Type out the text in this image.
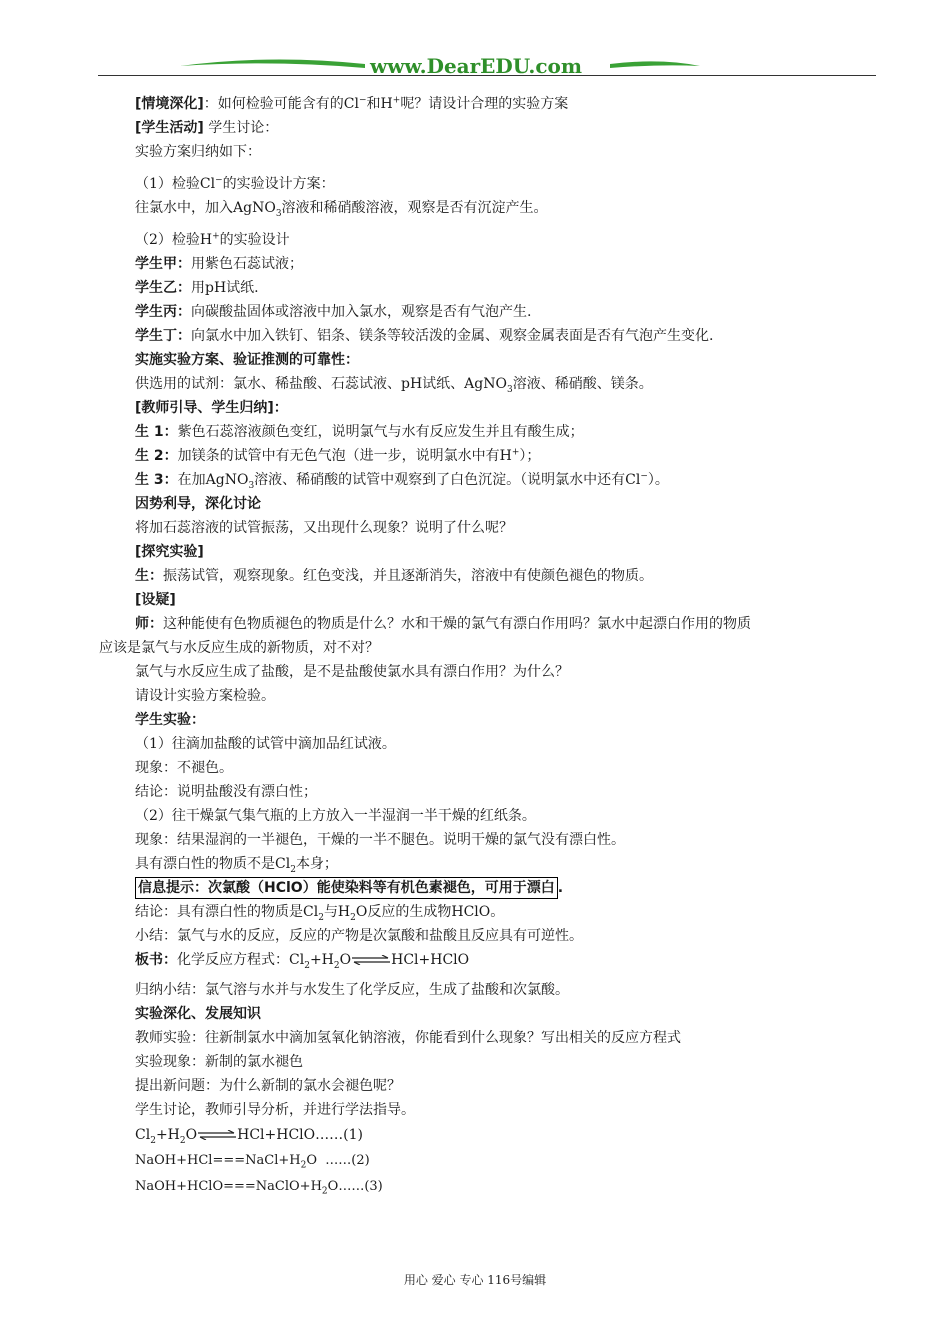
www.DearEDU.com
[情境深化]：如何检验可能含有的Cl−和H+呢？请设计合理的实验方案
[学生活动] 学生讨论：
实验方案归纳如下：
（1）检验Cl−的实验设计方案：
往氯水中，加入AgNO$_3$溶液和稀硝酸溶液，观察是否有沉淀产生。
（2）检验H+的实验设计
学生甲：用紫色石蕊试液；
学生乙：用pH试纸.
学生丙：向碳酸盐固体或溶液中加入氯水，观察是否有气泡产生.
学生丁：向氯水中加入铁钉、铝条、镁条等较活泼的金属、观察金属表面是否有气泡产生变化.
实施实验方案、验证推测的可靠性：
供选用的试剂：氯水、稀盐酸、石蕊试液、pH试纸、AgNO$_3$溶液、稀硝酸、镁条。
[教师引导、学生归纳]：
生 1：紫色石蕊溶液颜色变红，说明氯气与水有反应发生并且有酸生成；
生 2：加镁条的试管中有无色气泡（进一步，说明氯水中有H+）；
生 3：在加AgNO$_3$溶液、稀硝酸的试管中观察到了白色沉淀。（说明氯水中还有Cl−）。
因势利导，深化讨论
将加石蕊溶液的试管振荡，又出现什么现象？说明了什么呢？
[探究实验]
生：振荡试管，观察现象。红色变浅，并且逐渐消失，溶液中有使颜色褪色的物质。
[设疑]
师：这种能使有色物质褪色的物质是什么？水和干燥的氯气有漂白作用吗？氯水中起漂白作用的物质
应该是氯气与水反应生成的新物质，对不对？
氯气与水反应生成了盐酸，是不是盐酸使氯水具有漂白作用？为什么？
请设计实验方案检验。
学生实验：
（1）往滴加盐酸的试管中滴加品红试液。
现象：不褪色。
结论：说明盐酸没有漂白性；
（2）往干燥氯气集气瓶的上方放入一半湿润一半干燥的红纸条。
现象：结果湿润的一半褪色，干燥的一半不腿色。说明干燥的氯气没有漂白性。
具有漂白性的物质不是$Cl_2$本身；
信息提示：次氯酸（HClO）能使染料等有机色素褪色，可用于漂白 .
结论：具有漂白性的物质是$Cl_2$与$H_2O$反应的生成物HClO。
小结：氯气与水的反应，反应的产物是次氯酸和盐酸且反应具有可逆性。
板书：化学反应方程式：$Cl_2+H_2O\rightleftharpoons HCl+HClO$
归纳小结：氯气溶与水并与水发生了化学反应，生成了盐酸和次氯酸。
实验深化、发展知识
教师实验：往新制氯水中滴加氢氧化钠溶液，你能看到什么现象？写出相关的反应方程式
实验现象：新制的氯水褪色
提出新问题：为什么新制的氯水会褪色呢？
学生讨论，教师引导分析，并进行学法指导。
$Cl_2+H_2O\rightleftharpoons HCl+HClO\dots\dots(1)$
$NaOH+HCl===NaCl+H_2O$  ……(2)
$NaOH+HClO===NaClO+H_2O\dots\dots(3)$
用心 爱心 专心 116号编辑
